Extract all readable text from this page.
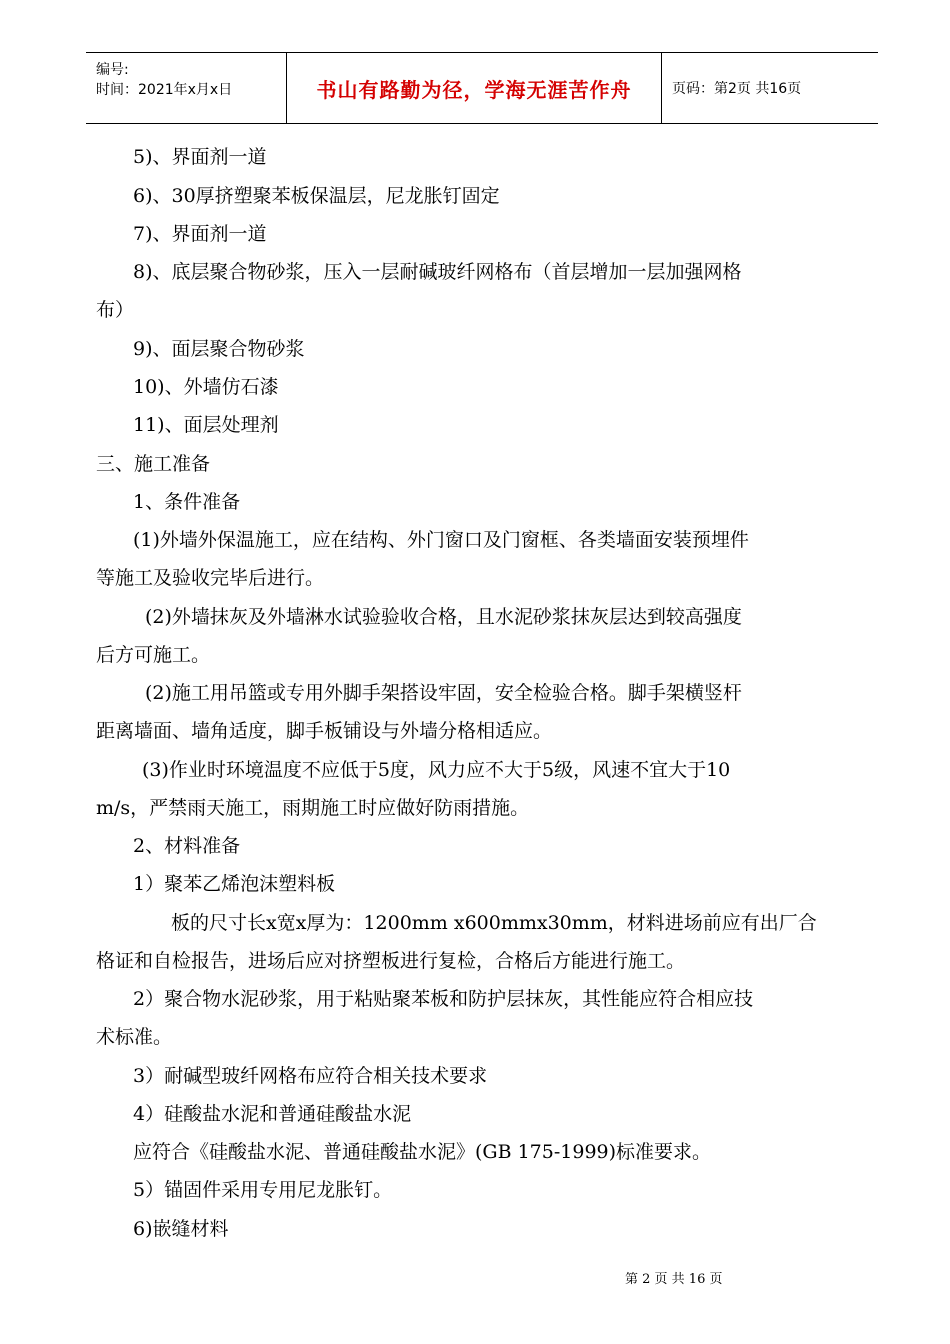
编号:
时间：2021年x月x日	书山有路勤为径，学海无涯苦作舟	页码：第2页 共16页
5)、界面剂一道
6)、30厚挤塑聚苯板保温层，尼龙胀钉固定
7)、界面剂一道
8)、底层聚合物砂浆，压入一层耐碱玻纤网格布（首层增加一层加强网格
布）
9)、面层聚合物砂浆
10)、外墙仿石漆
11)、面层处理剂
三、施工准备
1、条件准备
(1)外墙外保温施工，应在结构、外门窗口及门窗框、各类墙面安装预埋件
等施工及验收完毕后进行。
(2)外墙抹灰及外墙淋水试验验收合格，且水泥砂浆抹灰层达到较高强度
后方可施工。
(2)施工用吊篮或专用外脚手架搭设牢固，安全检验合格。脚手架横竖杆
距离墙面、墙角适度，脚手板铺设与外墙分格相适应。
(3)作业时环境温度不应低于5度，风力应不大于5级，风速不宜大于10
m/s，严禁雨天施工，雨期施工时应做好防雨措施。
2、材料准备
1）聚苯乙烯泡沫塑料板
板的尺寸长x宽x厚为：1200mm x600mmx30mm，材料进场前应有出厂合
格证和自检报告，进场后应对挤塑板进行复检，合格后方能进行施工。
2）聚合物水泥砂浆，用于粘贴聚苯板和防护层抹灰，其性能应符合相应技
术标准。
3）耐碱型玻纤网格布应符合相关技术要求
4）硅酸盐水泥和普通硅酸盐水泥
应符合《硅酸盐水泥、普通硅酸盐水泥》(GB 175-1999)标准要求。
5）锚固件采用专用尼龙胀钉。
6)嵌缝材料
第 2 页 共 16 页
